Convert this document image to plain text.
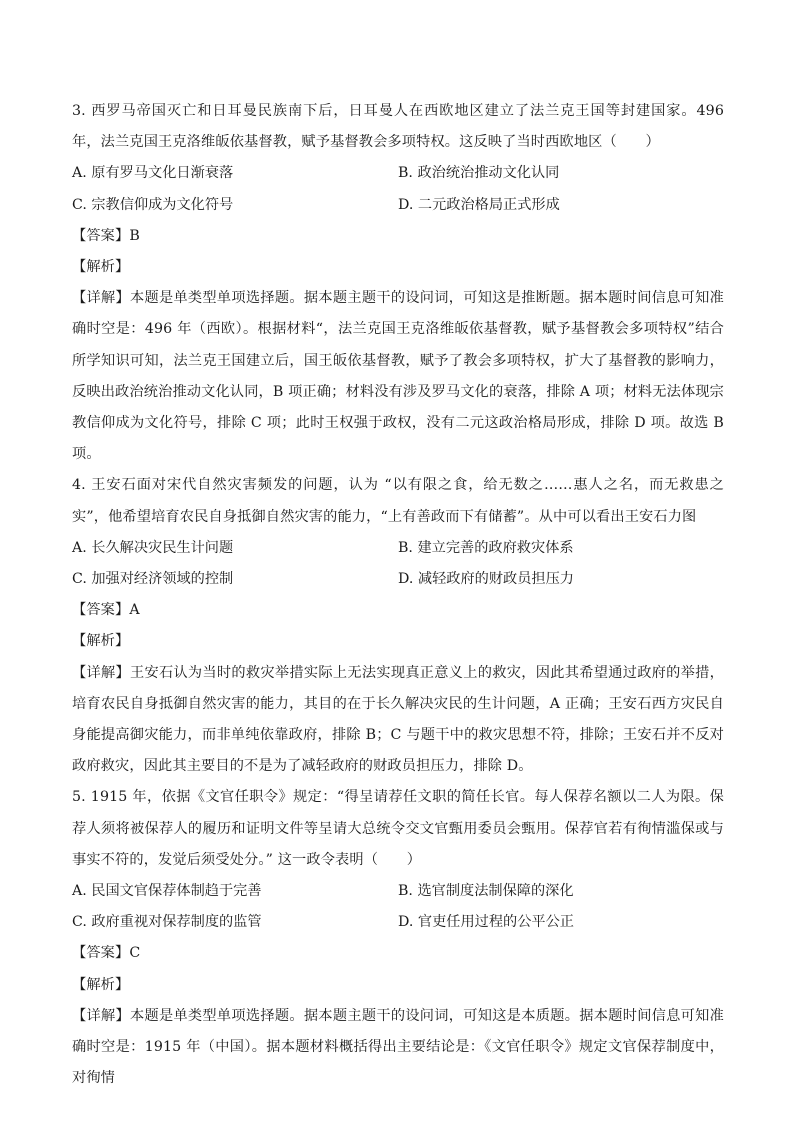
3. 西罗马帝国灭亡和日耳曼民族南下后，日耳曼人在西欧地区建立了法兰克王国等封建国家。496 年，法兰克国王克洛维皈依基督教，赋予基督教会多项特权。这反映了当时西欧地区（　　）

A. 原有罗马文化日渐衰落	B. 政治统治推动文化认同
C. 宗教信仰成为文化符号	D. 二元政治格局正式形成

【答案】B

【解析】

【详解】本题是单类型单项选择题。据本题主题干的设问词，可知这是推断题。据本题时间信息可知准确时空是：496 年（西欧）。根据材料“，法兰克国王克洛维皈依基督教，赋予基督教会多项特权”结合所学知识可知，法兰克王国建立后，国王皈依基督教，赋予了教会多项特权，扩大了基督教的影响力，反映出政治统治推动文化认同，B 项正确；材料没有涉及罗马文化的衰落，排除 A 项；材料无法体现宗教信仰成为文化符号，排除 C 项；此时王权强于政权，没有二元这政治格局形成，排除 D 项。故选 B 项。

4. 王安石面对宋代自然灾害频发的问题，认为 “以有限之食，给无数之……惠人之名，而无救患之实”，他希望培育农民自身抵御自然灾害的能力，“上有善政而下有储蓄”。从中可以看出王安石力图

A. 长久解决灾民生计问题	B. 建立完善的政府救灾体系
C. 加强对经济领域的控制	D. 减轻政府的财政员担压力

【答案】A

【解析】

【详解】王安石认为当时的救灾举措实际上无法实现真正意义上的救灾，因此其希望通过政府的举措，培育农民自身抵御自然灾害的能力，其目的在于长久解决灾民的生计问题，A 正确；王安石西方灾民自身能提高御灾能力，而非单纯依靠政府，排除 B；C 与题干中的救灾思想不符，排除；王安石并不反对政府救灾，因此其主要目的不是为了减轻政府的财政员担压力，排除 D。

5. 1915 年，依据《文官任职令》规定：“得呈请荐任文职的简任长官。每人保荐名额以二人为限。保荐人须将被保荐人的履历和证明文件等呈请大总统令交文官甄用委员会甄用。保荐官若有徇情滥保或与事实不符的，发觉后须受处分。” 这一政令表明（　　）

A. 民国文官保荐体制趋于完善	B. 选官制度法制保障的深化
C. 政府重视对保荐制度的监管	D. 官吏任用过程的公平公正

【答案】C

【解析】

【详解】本题是单类型单项选择题。据本题主题干的设问词，可知这是本质题。据本题时间信息可知准确时空是：1915 年（中国）。据本题材料概括得出主要结论是：《文官任职令》规定文官保荐制度中，对徇情
